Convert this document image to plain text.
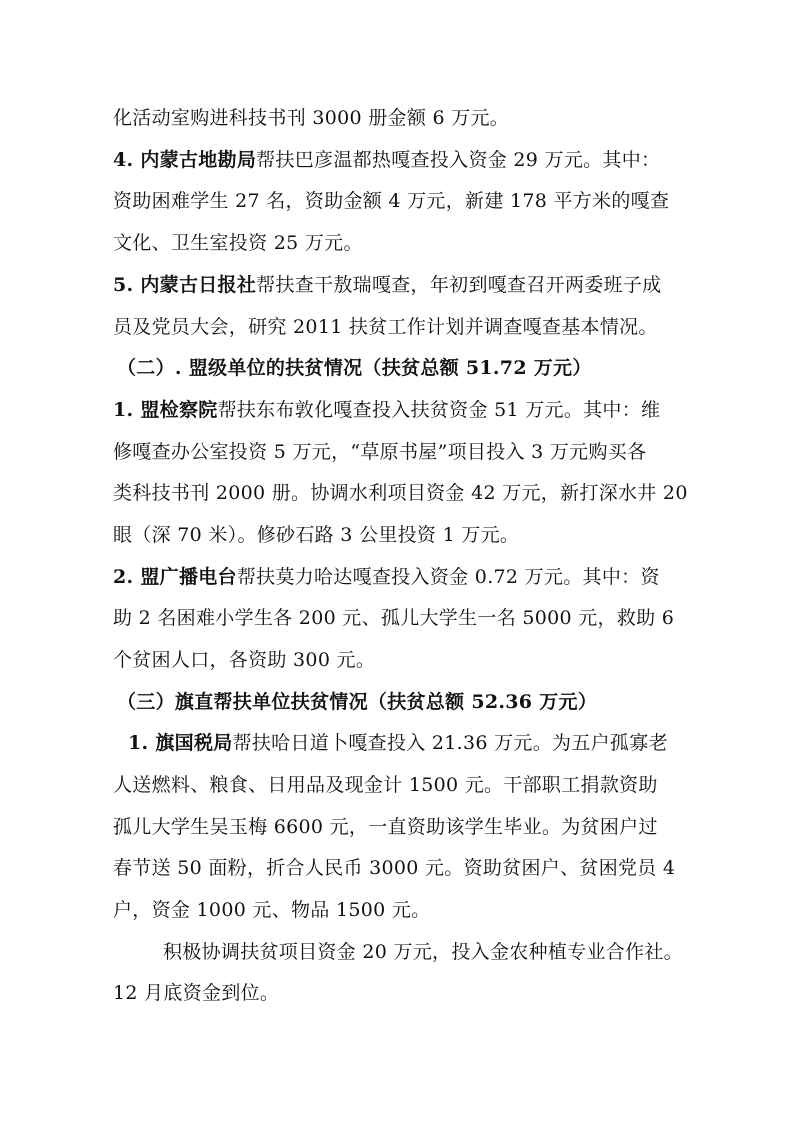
化活动室购进科技书刊 3000 册金额 6 万元。
4. 内蒙古地勘局帮扶巴彦温都热嘎查投入资金 29 万元。其中：
资助困难学生 27 名，资助金额 4 万元，新建 178 平方米的嘎查
文化、卫生室投资 25 万元。
5. 内蒙古日报社帮扶查干敖瑞嘎查，年初到嘎查召开两委班子成
员及党员大会，研究 2011 扶贫工作计划并调查嘎查基本情况。
（二）. 盟级单位的扶贫情况（扶贫总额 51.72 万元）
1. 盟检察院帮扶东布敦化嘎查投入扶贫资金 51 万元。其中：维
修嘎查办公室投资 5 万元，“草原书屋”项目投入 3 万元购买各
类科技书刊 2000 册。协调水利项目资金 42 万元，新打深水井 20
眼（深 70 米）。修砂石路 3 公里投资 1 万元。
2. 盟广播电台帮扶莫力哈达嘎查投入资金 0.72 万元。其中：资
助 2 名困难小学生各 200 元、孤儿大学生一名 5000 元，救助 6
个贫困人口，各资助 300 元。
（三）旗直帮扶单位扶贫情况（扶贫总额 52.36 万元）
1. 旗国税局帮扶哈日道卜嘎查投入 21.36 万元。为五户孤寡老
人送燃料、粮食、日用品及现金计 1500 元。干部职工捐款资助
孤儿大学生吴玉梅 6600 元，一直资助该学生毕业。为贫困户过
春节送 50 面粉，折合人民币 3000 元。资助贫困户、贫困党员 4
户，资金 1000 元、物品 1500 元。
积极协调扶贫项目资金 20 万元，投入金农种植专业合作社。
12 月底资金到位。
